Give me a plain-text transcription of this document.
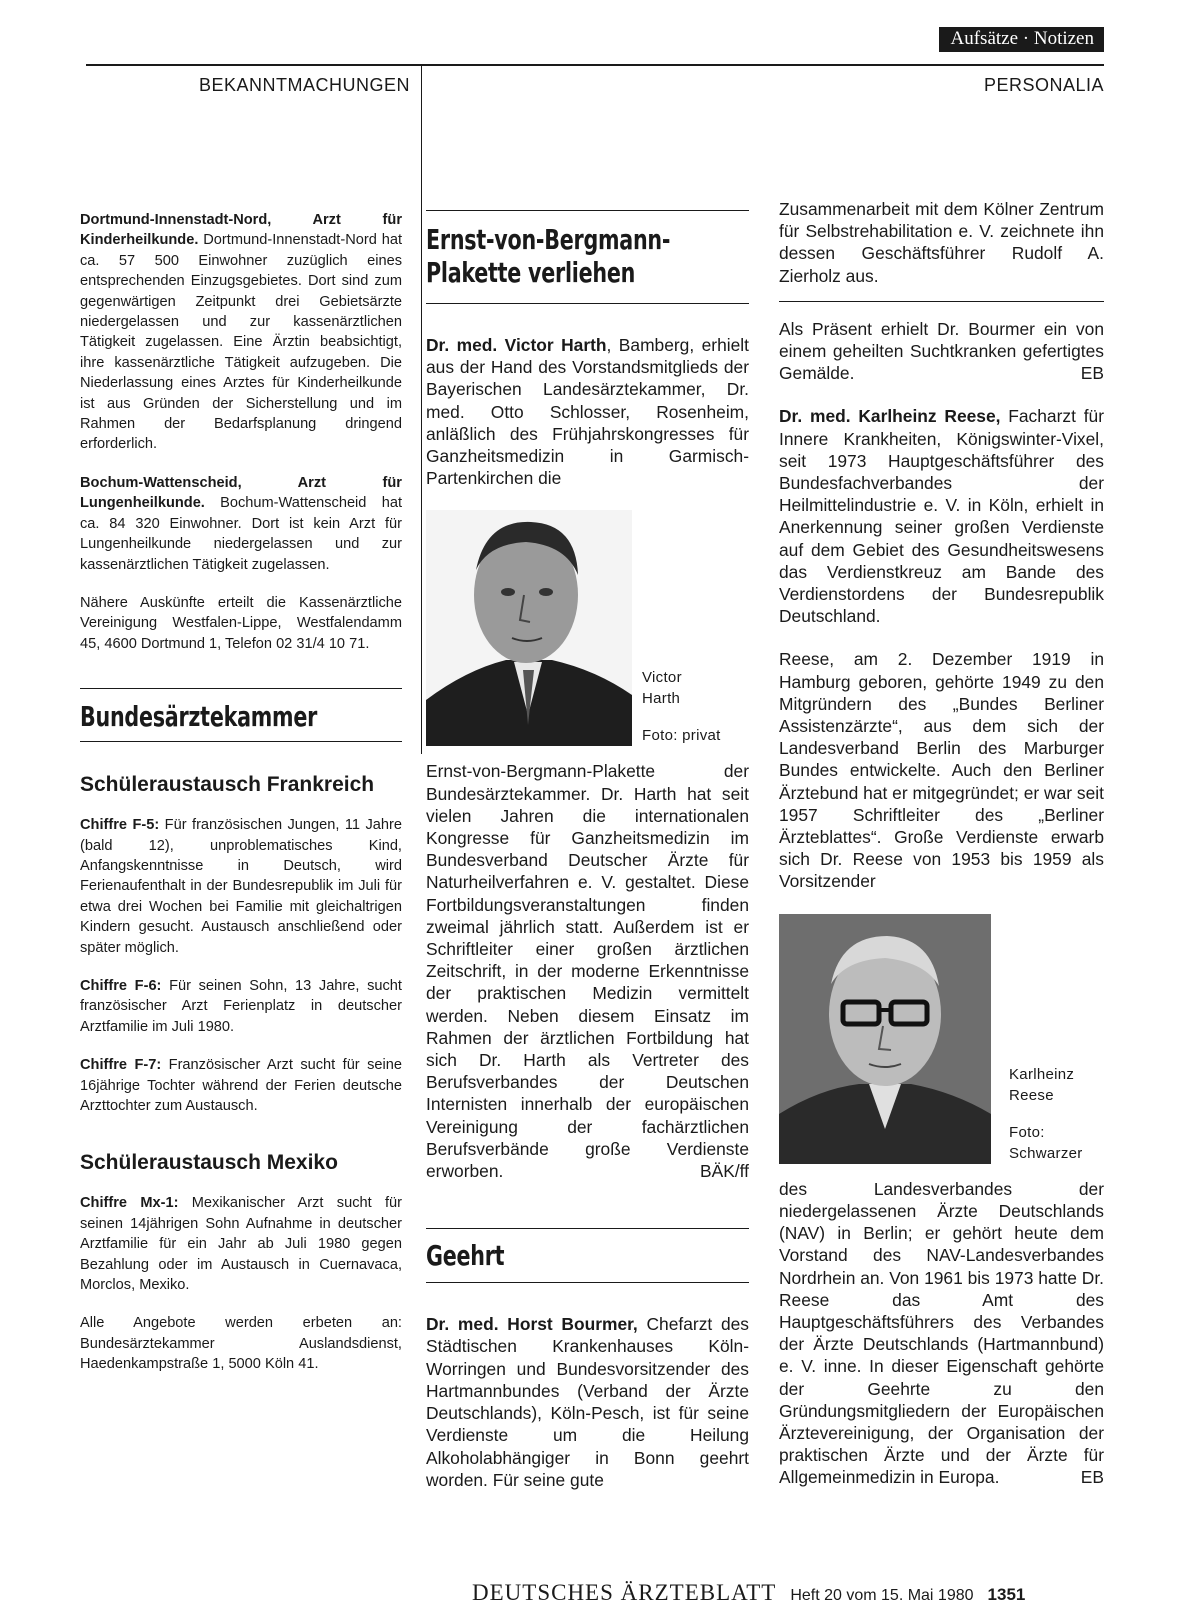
Aufsätze · Notizen
BEKANNTMACHUNGEN	PERSONALIA

Dortmund-Innenstadt-Nord, Arzt für Kinderheilkunde. Dortmund-Innenstadt-Nord hat ca. 57 500 Einwohner zuzüglich eines entsprechenden Einzugsgebietes. Dort sind zum gegenwärtigen Zeitpunkt drei Gebietsärzte niedergelassen und zur kassenärztlichen Tätigkeit zugelassen. Eine Ärztin beabsichtigt, ihre kassenärztliche Tätigkeit aufzugeben. Die Niederlassung eines Arztes für Kinderheilkunde ist aus Gründen der Sicherstellung und im Rahmen der Bedarfsplanung dringend erforderlich.

Bochum-Wattenscheid, Arzt für Lungenheilkunde. Bochum-Wattenscheid hat ca. 84 320 Einwohner. Dort ist kein Arzt für Lungenheilkunde niedergelassen und zur kassenärztlichen Tätigkeit zugelassen.

Nähere Auskünfte erteilt die Kassenärztliche Vereinigung Westfalen-Lippe, Westfalendamm 45, 4600 Dortmund 1, Telefon 02 31/4 10 71.

Bundesärztekammer
Schüleraustausch Frankreich

Chiffre F-5: Für französischen Jungen, 11 Jahre (bald 12), unproblematisches Kind, Anfangskenntnisse in Deutsch, wird Ferienaufenthalt in der Bundesrepublik im Juli für etwa drei Wochen bei Familie mit gleichaltrigen Kindern gesucht. Austausch anschließend oder später möglich.

Chiffre F-6: Für seinen Sohn, 13 Jahre, sucht französischer Arzt Ferienplatz in deutscher Arztfamilie im Juli 1980.

Chiffre F-7: Französischer Arzt sucht für seine 16jährige Tochter während der Ferien deutsche Arzttochter zum Austausch.

Schüleraustausch Mexiko

Chiffre Mx-1: Mexikanischer Arzt sucht für seinen 14jährigen Sohn Aufnahme in deutscher Arztfamilie für ein Jahr ab Juli 1980 gegen Bezahlung oder im Austausch in Cuernavaca, Morclos, Mexiko.

Alle Angebote werden erbeten an: Bundesärztekammer Auslandsdienst, Haedenkampstraße 1, 5000 Köln 41.

Ernst-von-Bergmann-Plakette verliehen

Dr. med. Victor Harth, Bamberg, erhielt aus der Hand des Vorstandsmitglieds der Bayerischen Landesärztekammer, Dr. med. Otto Schlosser, Rosenheim, anläßlich des Frühjahrskongresses für Ganzheitsmedizin in Garmisch-Partenkirchen die

Victor Harth
Foto: privat

Ernst-von-Bergmann-Plakette der Bundesärztekammer. Dr. Harth hat seit vielen Jahren die internationalen Kongresse für Ganzheitsmedizin im Bundesverband Deutscher Ärzte für Naturheilverfahren e. V. gestaltet. Diese Fortbildungsveranstaltungen finden zweimal jährlich statt. Außerdem ist er Schriftleiter einer großen ärztlichen Zeitschrift, in der moderne Erkenntnisse der praktischen Medizin vermittelt werden. Neben diesem Einsatz im Rahmen der ärztlichen Fortbildung hat sich Dr. Harth als Vertreter des Berufsverbandes der Deutschen Internisten innerhalb der europäischen Vereinigung der fachärztlichen Berufsverbände große Verdienste erworben.	BÄK/ff

Geehrt

Dr. med. Horst Bourmer, Chefarzt des Städtischen Krankenhauses Köln-Worringen und Bundesvorsitzender des Hartmannbundes (Verband der Ärzte Deutschlands), Köln-Pesch, ist für seine Verdienste um die Heilung Alkoholabhängiger in Bonn geehrt worden. Für seine gute

Zusammenarbeit mit dem Kölner Zentrum für Selbstrehabilitation e. V. zeichnete ihn dessen Geschäftsführer Rudolf A. Zierholz aus.

Als Präsent erhielt Dr. Bourmer ein von einem geheilten Suchtkranken gefertigtes Gemälde.	EB

Dr. med. Karlheinz Reese, Facharzt für Innere Krankheiten, Königswinter-Vixel, seit 1973 Hauptgeschäftsführer des Bundesfachverbandes der Heilmittelindustrie e. V. in Köln, erhielt in Anerkennung seiner großen Verdienste auf dem Gebiet des Gesundheitswesens das Verdienstkreuz am Bande des Verdienstordens der Bundesrepublik Deutschland.

Reese, am 2. Dezember 1919 in Hamburg geboren, gehörte 1949 zu den Mitgründern des „Bundes Berliner Assistenzärzte“, aus dem sich der Landesverband Berlin des Marburger Bundes entwickelte. Auch den Berliner Ärztebund hat er mitgegründet; er war seit 1957 Schriftleiter des „Berliner Ärzteblattes“. Große Verdienste erwarb sich Dr. Reese von 1953 bis 1959 als Vorsitzender

Karlheinz Reese
Foto: Schwarzer

des Landesverbandes der niedergelassenen Ärzte Deutschlands (NAV) in Berlin; er gehört heute dem Vorstand des NAV-Landesverbandes Nordrhein an. Von 1961 bis 1973 hatte Dr. Reese das Amt des Hauptgeschäftsführers des Verbandes der Ärzte Deutschlands (Hartmannbund) e. V. inne. In dieser Eigenschaft gehörte der Geehrte zu den Gründungsmitgliedern der Europäischen Ärztevereinigung, der Organisation der praktischen Ärzte und der Ärzte für Allgemeinmedizin in Europa.	EB

DEUTSCHES ÄRZTEBLATT Heft 20 vom 15. Mai 1980 1351
